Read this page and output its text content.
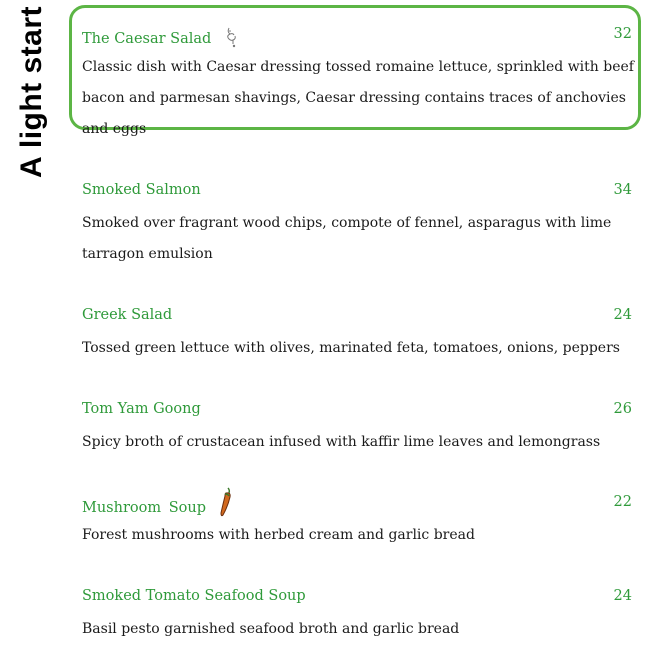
A light start The Caesar Salad	32
Classic dish with Caesar dressing tossed romaine lettuce, sprinkled with beef bacon and parmesan shavings, Caesar dressing contains traces of anchovies and eggs
Smoked Salmon	34
Smoked over fragrant wood chips, compote of fennel, asparagus with lime tarragon emulsion
Greek Salad	24
Tossed green lettuce with olives, marinated feta, tomatoes, onions, peppers
Tom Yam Goong	26
Spicy broth of crustacean infused with kaffir lime leaves and lemongrass
Mushroom Soup	22
Forest mushrooms with herbed cream and garlic bread
Smoked Tomato Seafood Soup	24
Basil pesto garnished seafood broth and garlic bread
